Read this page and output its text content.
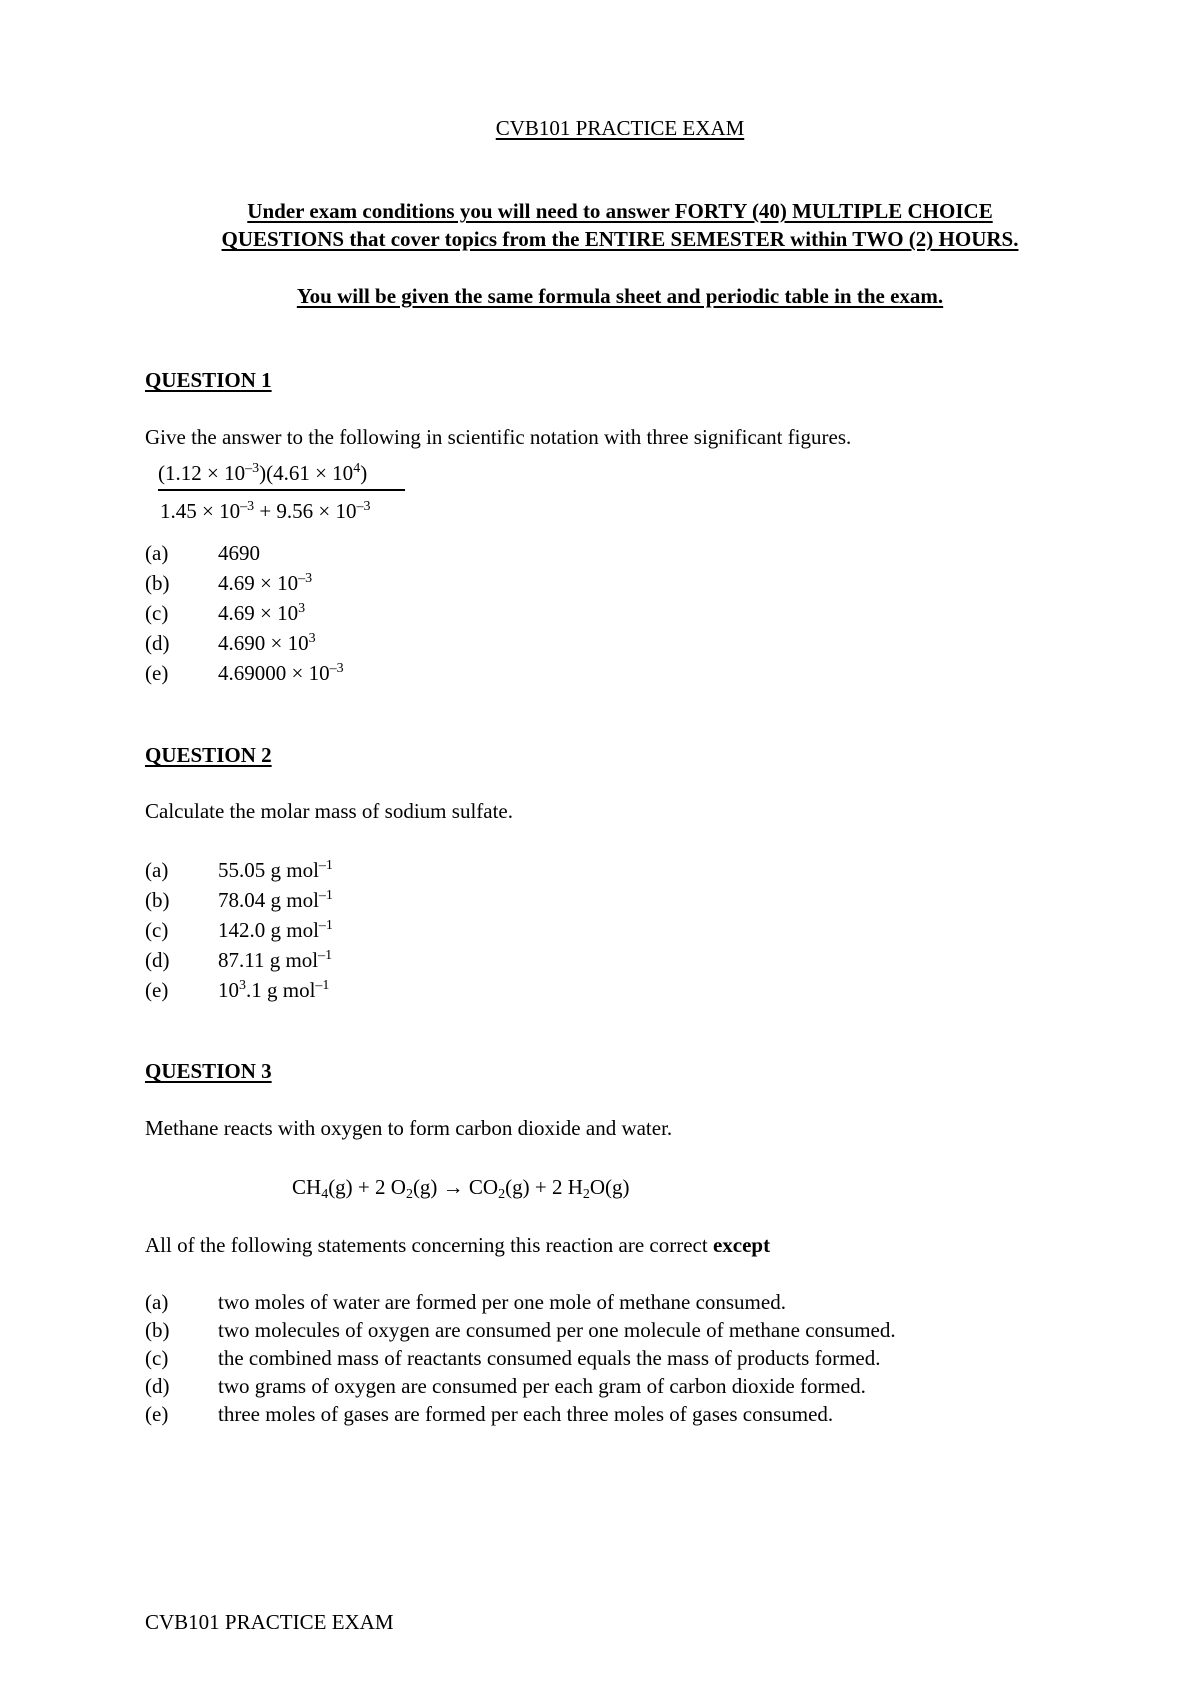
CVB101 PRACTICE EXAM
Under exam conditions you will need to answer FORTY (40) MULTIPLE CHOICE
QUESTIONS that cover topics from the ENTIRE SEMESTER within TWO (2) HOURS.
You will be given the same formula sheet and periodic table in the exam.
QUESTION 1
Give the answer to the following in scientific notation with three significant figures.
$(1.12 \times 10^{-3})(4.61 \times 10^4)$
$1.45 \times 10^{-3} + 9.56 \times 10^{-3}$
(a) 4690
(b) $4.69 \times 10^{-3}$
(c) $4.69 \times 10^3$
(d) $4.690 \times 10^3$
(e) $4.69000 \times 10^{-3}$
QUESTION 2
Calculate the molar mass of sodium sulfate.
(a) 55.05 g mol$^{-1}$
(b) 78.04 g mol$^{-1}$
(c) 142.0 g mol$^{-1}$
(d) 87.11 g mol$^{-1}$
(e) $10^3.1$ g mol$^{-1}$
QUESTION 3
Methane reacts with oxygen to form carbon dioxide and water.
$CH_4(g) + 2$ $O_2(g) \to CO_2(g) + 2$ $H_2O(g)$
All of the following statements concerning this reaction are correct except
(a) two moles of water are formed per one mole of methane consumed.
(b) two molecules of oxygen are consumed per one molecule of methane consumed.
(c) the combined mass of reactants consumed equals the mass of products formed.
(d) two grams of oxygen are consumed per each gram of carbon dioxide formed.
(e) three moles of gases are formed per each three moles of gases consumed.
CVB101 PRACTICE EXAM
